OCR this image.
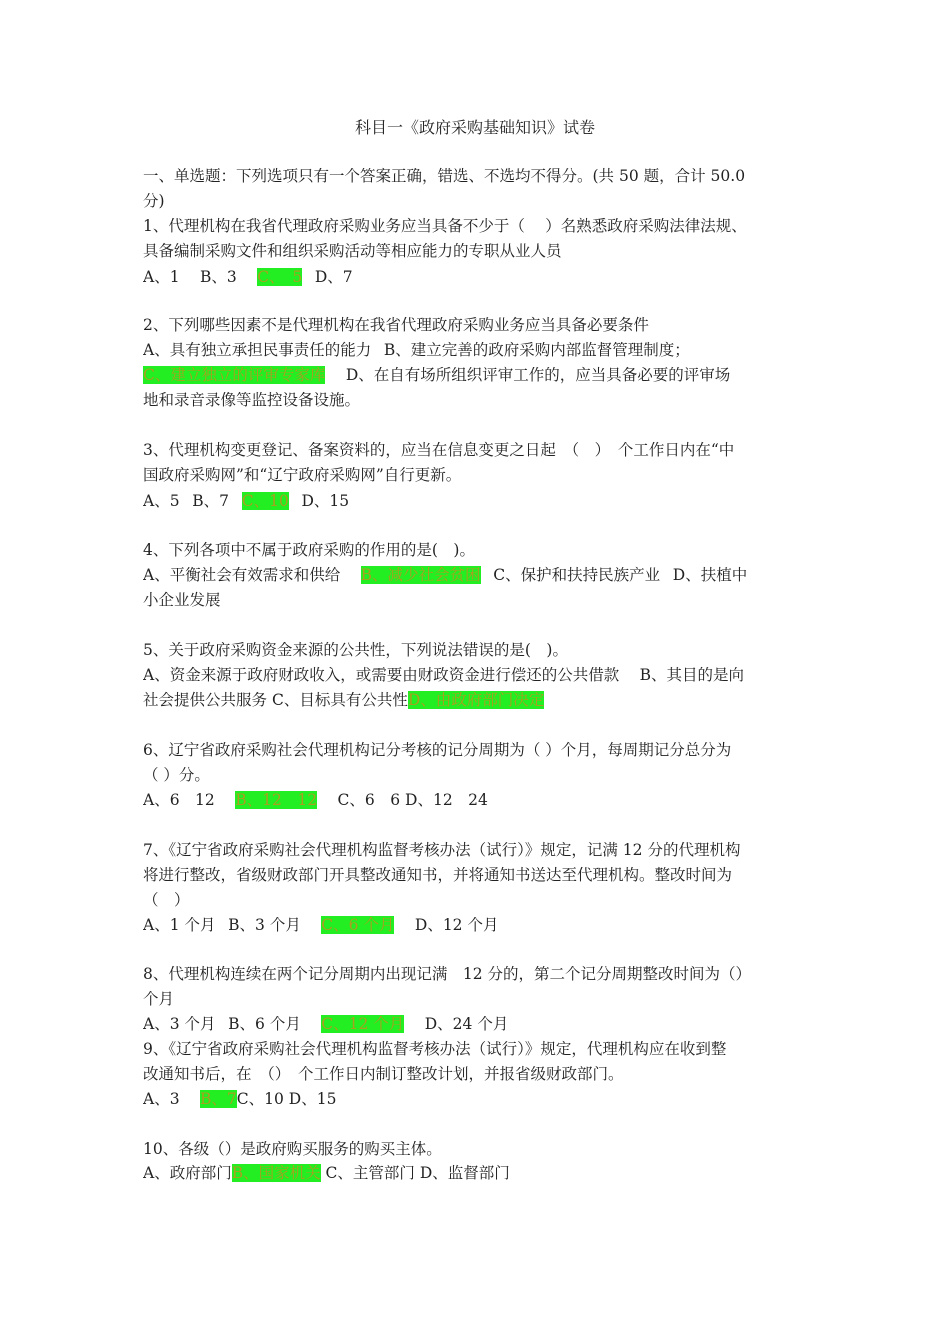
科目一《政府采购基础知识》试卷
一、单选题：下列选项只有一个答案正确，错选、不选均不得分。(共 50 题，合计 50.0
分)
1、代理机构在我省代理政府采购业务应当具备不少于（　 ）名熟悉政府采购法律法规、
具备编制采购文件和组织采购活动等相应能力的专职从业人员
A、1  B、3  C、　5  D、7
2、下列哪些因素不是代理机构在我省代理政府采购业务应当具备必要条件
A、具有独立承担民事责任的能力  B、建立完善的政府采购内部监督管理制度；
C、建立独立的评审专家库  D、在自有场所组织评审工作的，应当具备必要的评审场
地和录音录像等监控设备设施。
3、代理机构变更登记、备案资料的，应当在信息变更之日起　（　）　个工作日内在“中
国政府采购网”和“辽宁政府采购网”自行更新。
A、5  B、7  C、10  D、15
4、下列各项中不属于政府采购的作用的是(　)。
A、平衡社会有效需求和供给  B、减少社会贫困  C、保护和扶持民族产业  D、扶植中
小企业发展
5、关于政府采购资金来源的公共性，下列说法错误的是(　)。
A、资金来源于政府财政收入，或需要由财政资金进行偿还的公共借款  B、其目的是向
社会提供公共服务 C、目标具有公共性D、由政府部门决定
6、辽宁省政府采购社会代理机构记分考核的记分周期为（ ）个月，每周期记分总分为
（ ）分。
A、6　12  B、12　12  C、6　6 D、12　24
7、《辽宁省政府采购社会代理机构监督考核办法（试行）》规定，记满 12 分的代理机构
将进行整改，省级财政部门开具整改通知书，并将通知书送达至代理机构。整改时间为
（　）
A、1 个月  B、3 个月  C、6 个月  D、12 个月
8、代理机构连续在两个记分周期内出现记满　12 分的，第二个记分周期整改时间为（）
个月
A、3 个月  B、6 个月  C、12 个月  D、24 个月
9、《辽宁省政府采购社会代理机构监督考核办法（试行）》规定，代理机构应在收到整
改通知书后，在　（）　个工作日内制订整改计划，并报省级财政部门。
A、3  B、7C、10 D、15
10、各级（）是政府购买服务的购买主体。
A、政府部门B、国家机关 C、主管部门 D、监督部门
